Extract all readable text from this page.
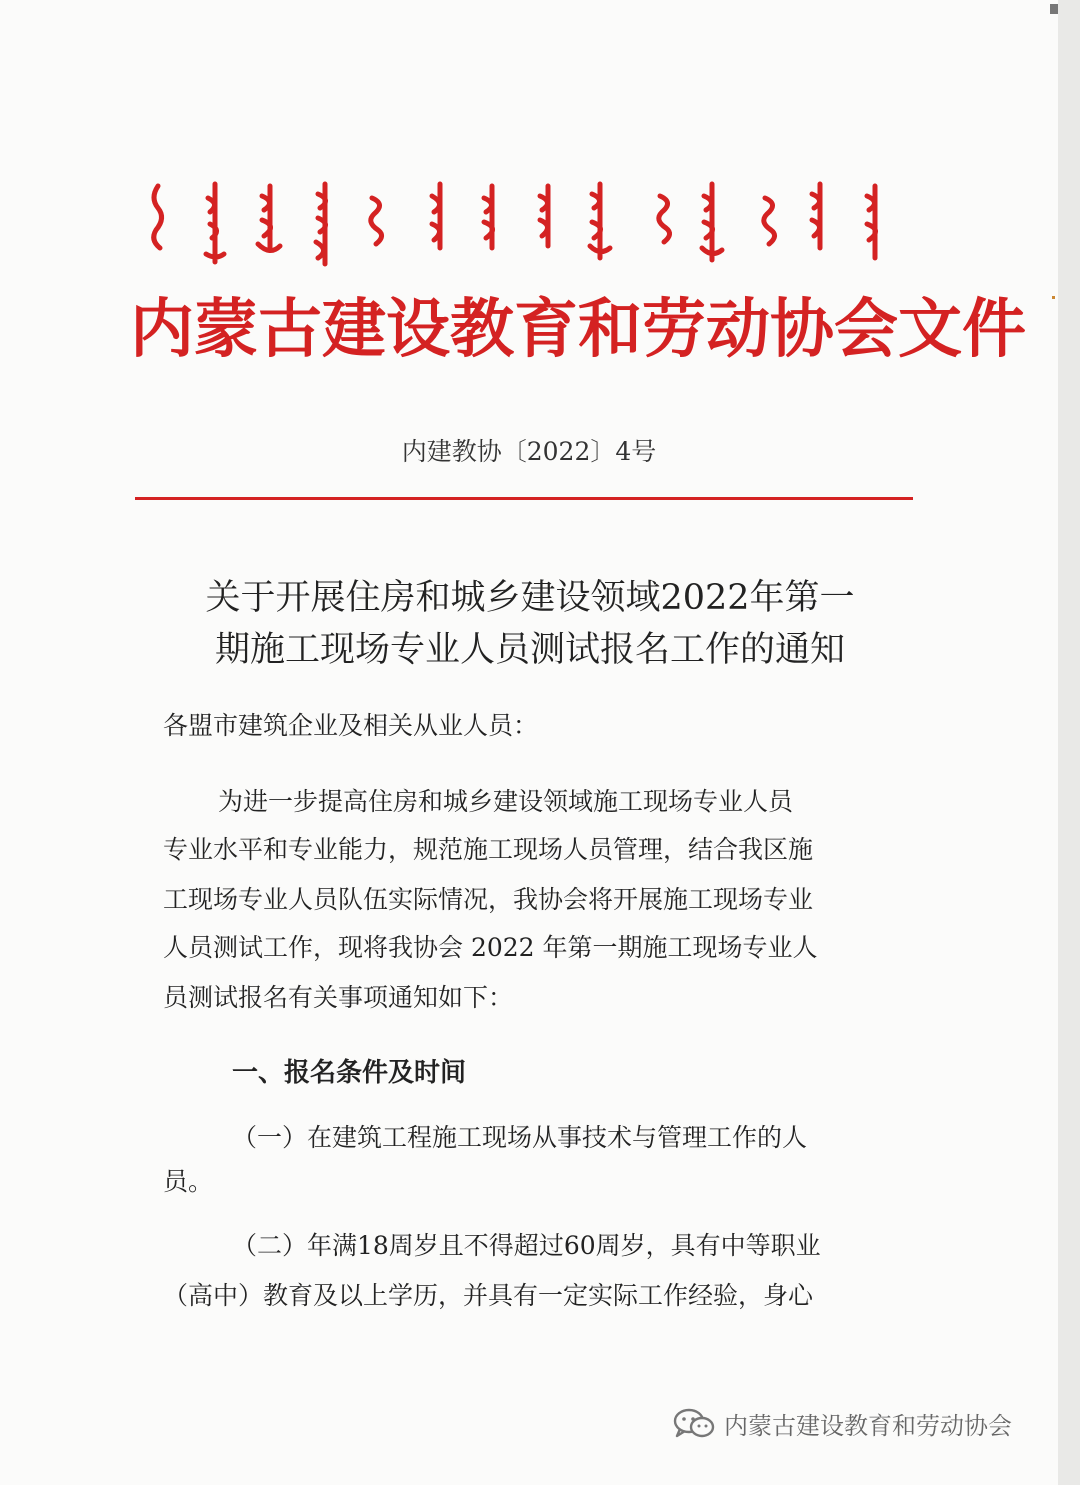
内蒙古建设教育和劳动协会文件
内建教协〔2022〕4号
关于开展住房和城乡建设领域2022年第一
期施工现场专业人员测试报名工作的通知
各盟市建筑企业及相关从业人员：
为进一步提高住房和城乡建设领域施工现场专业人员
专业水平和专业能力，规范施工现场人员管理，结合我区施
工现场专业人员队伍实际情况，我协会将开展施工现场专业
人员测试工作，现将我协会 2022 年第一期施工现场专业人
员测试报名有关事项通知如下：
一、报名条件及时间
（一）在建筑工程施工现场从事技术与管理工作的人
员。
（二）年满18周岁且不得超过60周岁，具有中等职业
（高中）教育及以上学历，并具有一定实际工作经验，身心
内蒙古建设教育和劳动协会
